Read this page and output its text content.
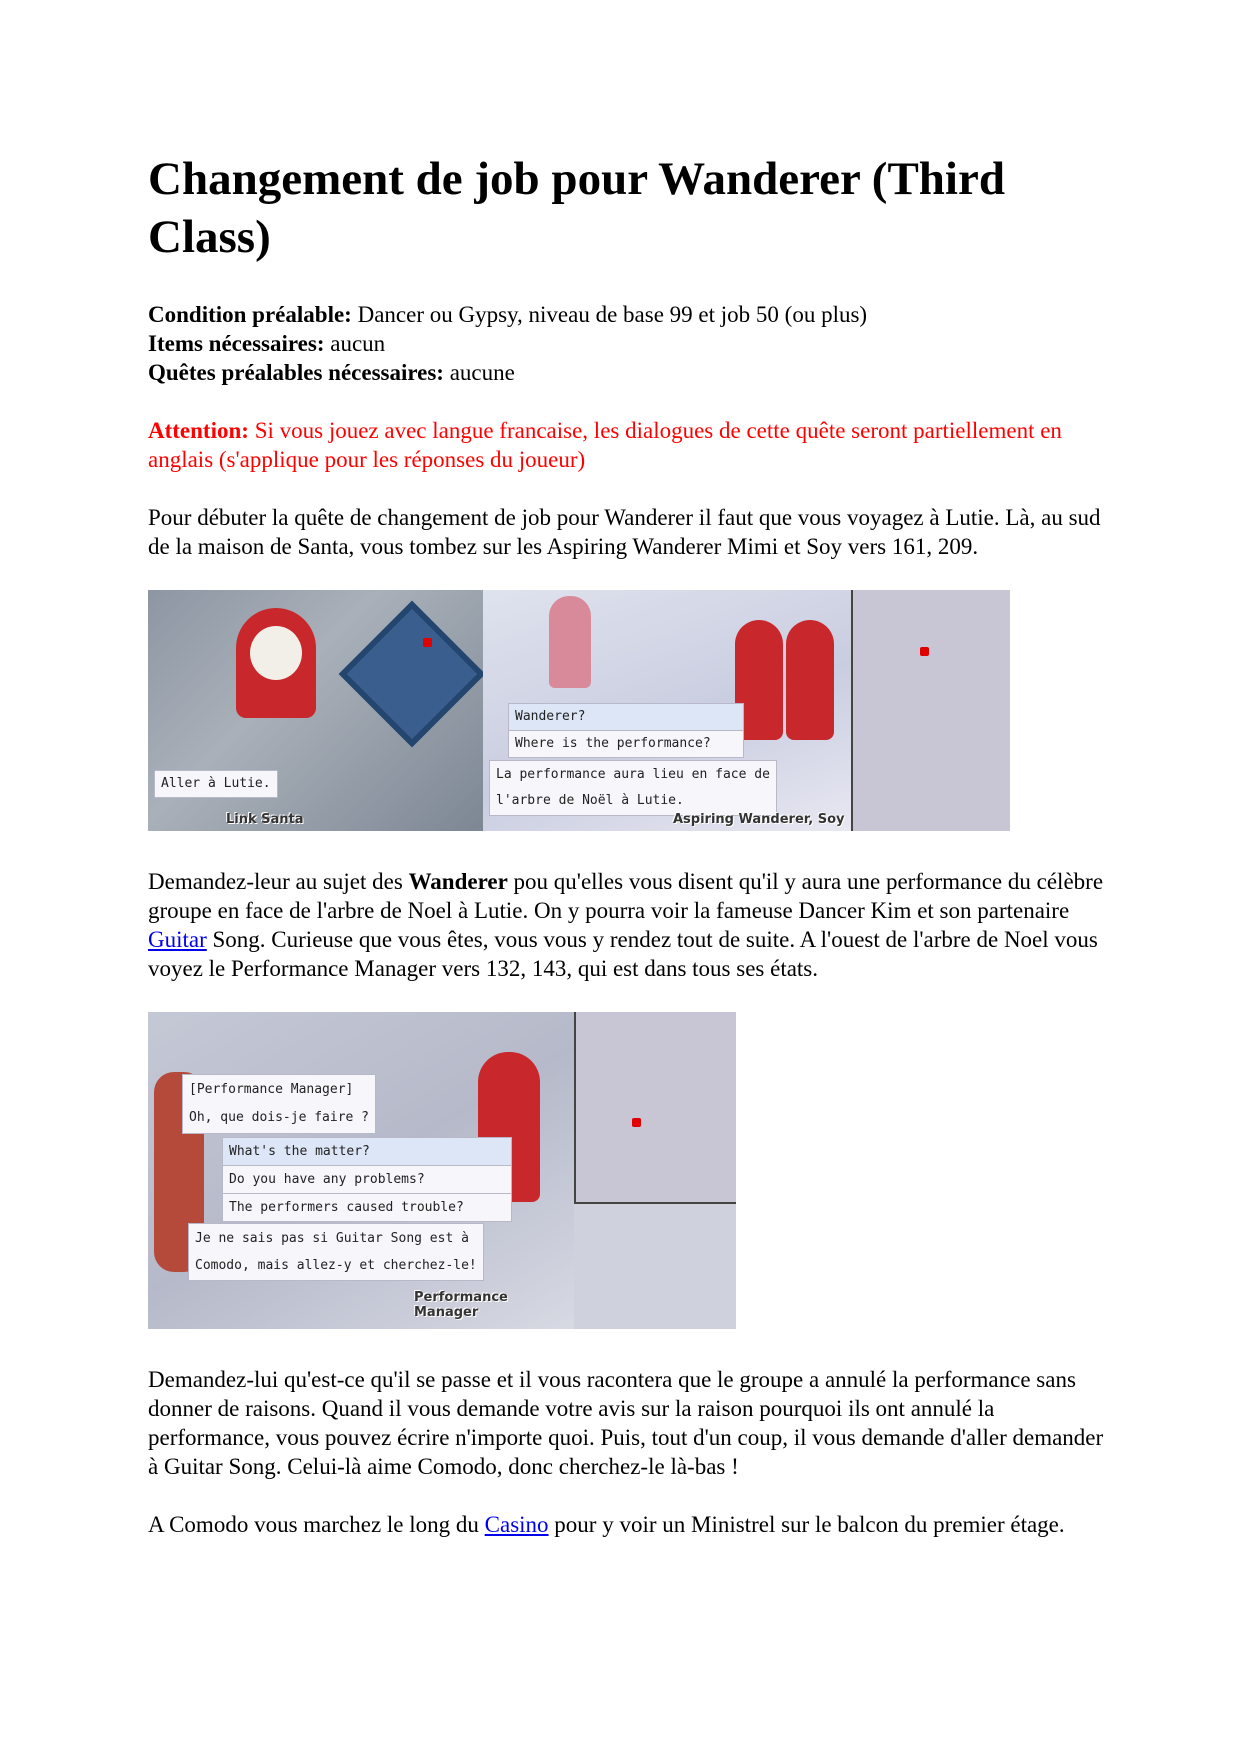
Changement de job pour Wanderer (Third Class)

Condition préalable: Dancer ou Gypsy, niveau de base 99 et job 50 (ou plus)

Items nécessaires: aucun

Quêtes préalables nécessaires: aucune

Attention: Si vous jouez avec langue francaise, les dialogues de cette quête seront partiellement en anglais (s'applique pour les réponses du joueur)

Pour débuter la quête de changement de job pour Wanderer il faut que vous voyagez à Lutie. Là, au sud de la maison de Santa, vous tombez sur les Aspiring Wanderer Mimi et Soy vers 161, 209.

Aller à Lutie.
Link Santa
Wanderer?
Where is the performance?
La performance aura lieu en face de
l'arbre de Noël à Lutie.
Aspiring Wanderer, Soy

Demandez-leur au sujet des Wanderer pou qu'elles vous disent qu'il y aura une performance du célèbre groupe en face de l'arbre de Noel à Lutie. On y pourra voir la fameuse Dancer Kim et son partenaire Guitar Song. Curieuse que vous êtes, vous vous y rendez tout de suite. A l'ouest de l'arbre de Noel vous voyez le Performance Manager vers 132, 143, qui est dans tous ses états.

[Performance Manager]
Oh, que dois-je faire ?
What's the matter?
Do you have any problems?
The performers caused trouble?
Je ne sais pas si Guitar Song est à
Comodo, mais allez-y et cherchez-le!
Performance Manager

Demandez-lui qu'est-ce qu'il se passe et il vous racontera que le groupe a annulé la performance sans donner de raisons. Quand il vous demande votre avis sur la raison pourquoi ils ont annulé la performance, vous pouvez écrire n'importe quoi. Puis, tout d'un coup, il vous demande d'aller demander à Guitar Song. Celui-là aime Comodo, donc cherchez-le là-bas !

A Comodo vous marchez le long du Casino pour y voir un Ministrel sur le balcon du premier étage.
